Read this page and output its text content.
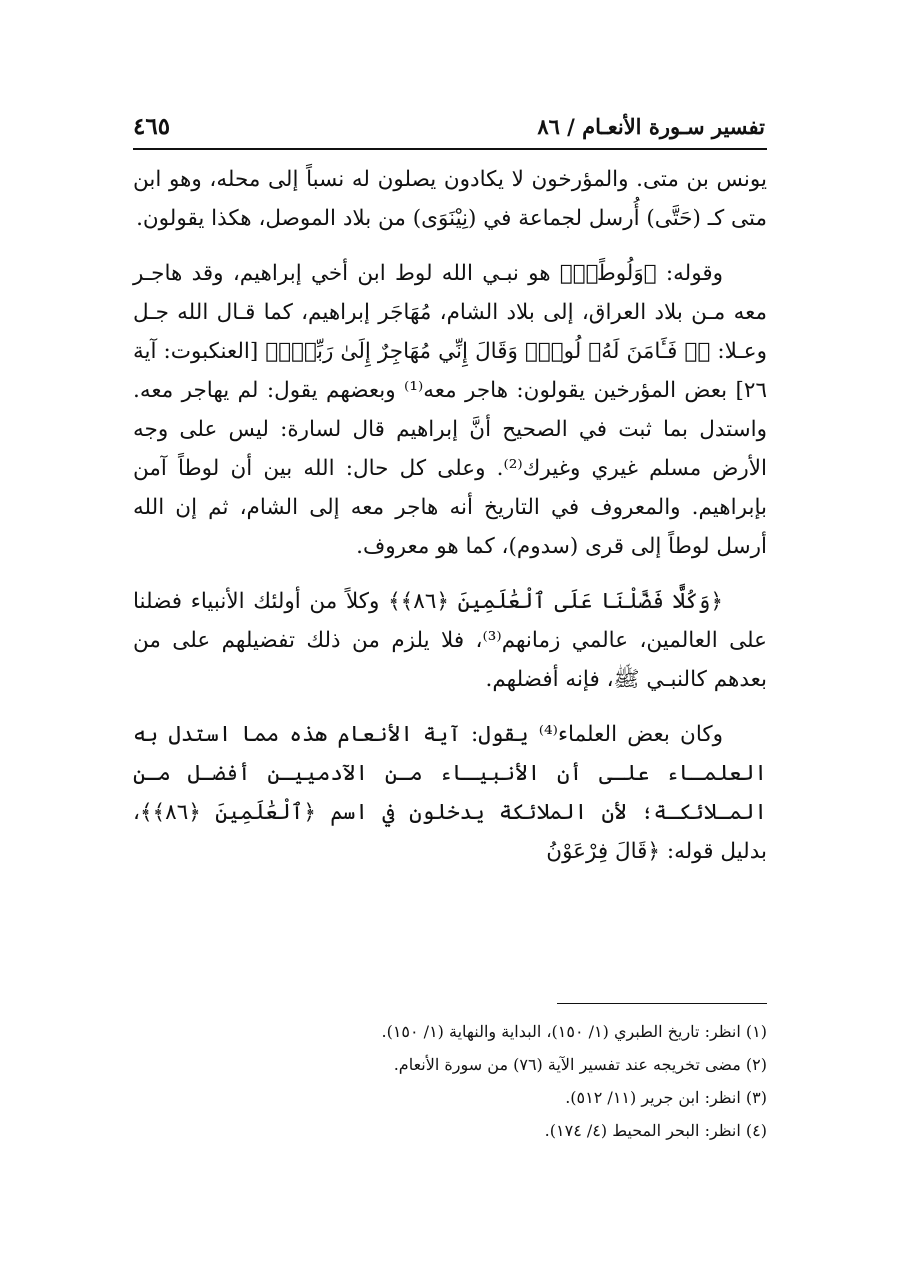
تفسير سـورة الأنعـام / ٨٦
٤٦٥

يونس بن متى. والمؤرخون لا يكادون يصلون له نسباً إلى محله، وهو ابن متى كـ (حَتَّى) أُرسل لجماعة في (نِيْنَوَى) من بلاد الموصل، هكذا يقولون.

وقوله: ﴿وَلُوطًاۚ﴾ هو نبـي الله لوط ابن أخي إبراهيم، وقد هاجـر معه مـن بلاد العراق، إلى بلاد الشام، مُهَاجَر إبراهيم، كما قـال الله جـل وعـلا: ﴿۞ فَـَٔامَنَ لَهُۥ لُوطٌۘ وَقَالَ إِنِّي مُهَاجِرٌ إِلَىٰ رَبِّيٓۖ﴾ [العنكبوت: آية ٢٦] بعض المؤرخين يقولون: هاجر معه⁽¹⁾ وبعضهم يقول: لم يهاجر معه. واستدل بما ثبت في الصحيح أنَّ إبراهيم قال لسارة: ليس على وجه الأرض مسلم غيري وغيرك⁽²⁾. وعلى كل حال: الله بين أن لوطاً آمن بإبراهيم. والمعروف في التاريخ أنه هاجر معه إلى الشام، ثم إن الله أرسل لوطاً إلى قرى (سدوم)، كما هو معروف.

﴿وَكُلًّا فَضَّلْنَا عَلَى ٱلْعَٰلَمِينَ ﴿٨٦﴾﴾ وكلاً من أولئك الأنبياء فضلنا على العالمين، عالمي زمانهم⁽³⁾، فلا يلزم من ذلك تفضيلهم على من بعدهم كالنبـي ﷺ، فإنه أفضلهم.

وكان بعض العلماء⁽⁴⁾ يقول: آية الأنعام هذه مما استدل به العلمـاء علـى أن الأنبيـاء مـن الآدمييـن أفضـل مـن المـلائكـة؛ لأن الملائكة يدخلون في اسم ﴿ٱلْعَٰلَمِينَ ﴿٨٦﴾﴾، بدليل قوله: ﴿قَالَ فِرْعَوْنُ

(١) انظر: تاريخ الطبري (١/ ١٥٠)، البداية والنهاية (١/ ١٥٠).
(٢) مضى تخريجه عند تفسير الآية (٧٦) من سورة الأنعام.
(٣) انظر: ابن جرير (١١/ ٥١٢).
(٤) انظر: البحر المحيط (٤/ ١٧٤).
